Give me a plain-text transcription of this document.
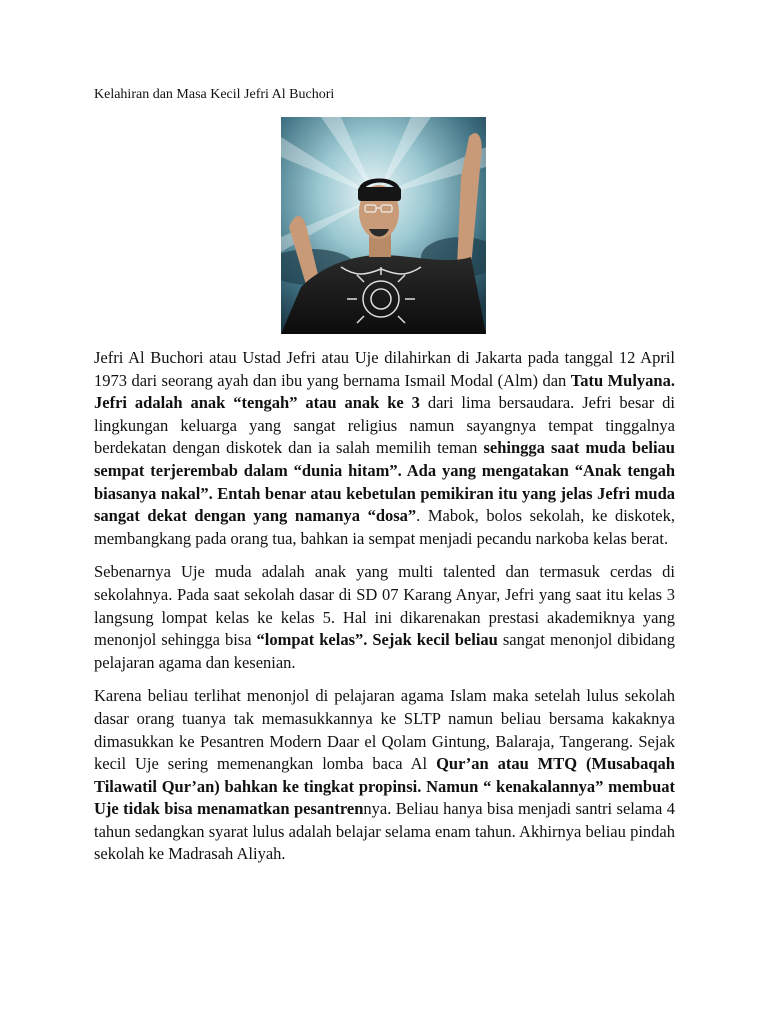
Kelahiran dan Masa Kecil Jefri Al Buchori

Jefri Al Buchori atau Ustad Jefri atau Uje dilahirkan di Jakarta pada tanggal 12 April 1973 dari seorang ayah dan ibu yang bernama Ismail Modal (Alm) dan Tatu Mulyana. Jefri adalah anak “tengah” atau anak ke 3 dari lima bersaudara. Jefri besar di lingkungan keluarga yang sangat religius namun sayangnya tempat tinggalnya berdekatan dengan diskotek dan ia salah memilih teman sehingga saat muda beliau sempat terjerembab dalam “dunia hitam”. Ada yang mengatakan “Anak tengah biasanya nakal”. Entah benar atau kebetulan pemikiran itu yang jelas Jefri muda sangat dekat dengan yang namanya “dosa”. Mabok, bolos sekolah, ke diskotek, membangkang pada orang tua, bahkan ia sempat menjadi pecandu narkoba kelas berat.

Sebenarnya Uje muda adalah anak yang multi talented dan termasuk cerdas di sekolahnya. Pada saat sekolah dasar di SD 07 Karang Anyar, Jefri yang saat itu kelas 3 langsung lompat kelas ke kelas 5. Hal ini dikarenakan prestasi akademiknya yang menonjol sehingga bisa “lompat kelas”. Sejak kecil beliau sangat menonjol dibidang pelajaran agama dan kesenian.

Karena beliau terlihat menonjol di pelajaran agama Islam maka setelah lulus sekolah dasar orang tuanya tak memasukkannya ke SLTP namun beliau bersama kakaknya dimasukkan ke Pesantren Modern Daar el Qolam Gintung, Balaraja, Tangerang. Sejak kecil Uje sering memenangkan lomba baca Al Qur’an atau MTQ (Musabaqah Tilawatil Qur’an) bahkan ke tingkat propinsi. Namun “ kenakalannya” membuat Uje tidak bisa menamatkan pesantrennya. Beliau hanya bisa menjadi santri selama 4 tahun sedangkan syarat lulus adalah belajar selama enam tahun. Akhirnya beliau pindah sekolah ke Madrasah Aliyah.
